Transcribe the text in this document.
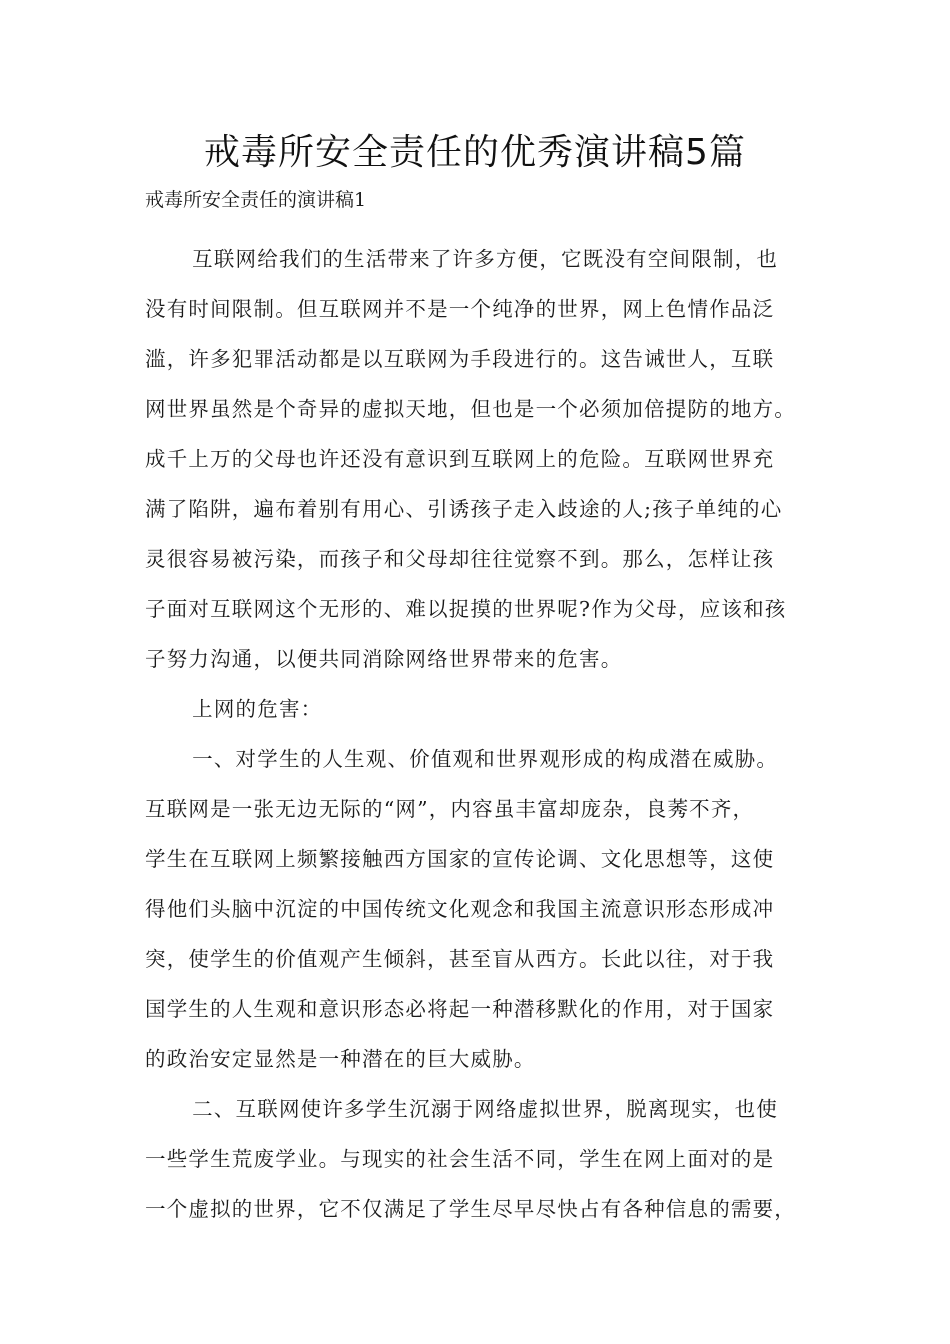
戒毒所安全责任的优秀演讲稿5篇

戒毒所安全责任的演讲稿1

互联网给我们的生活带来了许多方便，它既没有空间限制，也
没有时间限制。但互联网并不是一个纯净的世界，网上色情作品泛
滥，许多犯罪活动都是以互联网为手段进行的。这告诫世人，互联
网世界虽然是个奇异的虚拟天地，但也是一个必须加倍提防的地方。
成千上万的父母也许还没有意识到互联网上的危险。互联网世界充
满了陷阱，遍布着别有用心、引诱孩子走入歧途的人;孩子单纯的心
灵很容易被污染，而孩子和父母却往往觉察不到。那么，怎样让孩
子面对互联网这个无形的、难以捉摸的世界呢?作为父母，应该和孩
子努力沟通，以便共同消除网络世界带来的危害。

上网的危害：

一、对学生的人生观、价值观和世界观形成的构成潜在威胁。
互联网是一张无边无际的“网”，内容虽丰富却庞杂，良莠不齐，
学生在互联网上频繁接触西方国家的宣传论调、文化思想等，这使
得他们头脑中沉淀的中国传统文化观念和我国主流意识形态形成冲
突，使学生的价值观产生倾斜，甚至盲从西方。长此以往，对于我
国学生的人生观和意识形态必将起一种潜移默化的作用，对于国家
的政治安定显然是一种潜在的巨大威胁。

二、互联网使许多学生沉溺于网络虚拟世界，脱离现实，也使
一些学生荒废学业。与现实的社会生活不同，学生在网上面对的是
一个虚拟的世界，它不仅满足了学生尽早尽快占有各种信息的需要，
